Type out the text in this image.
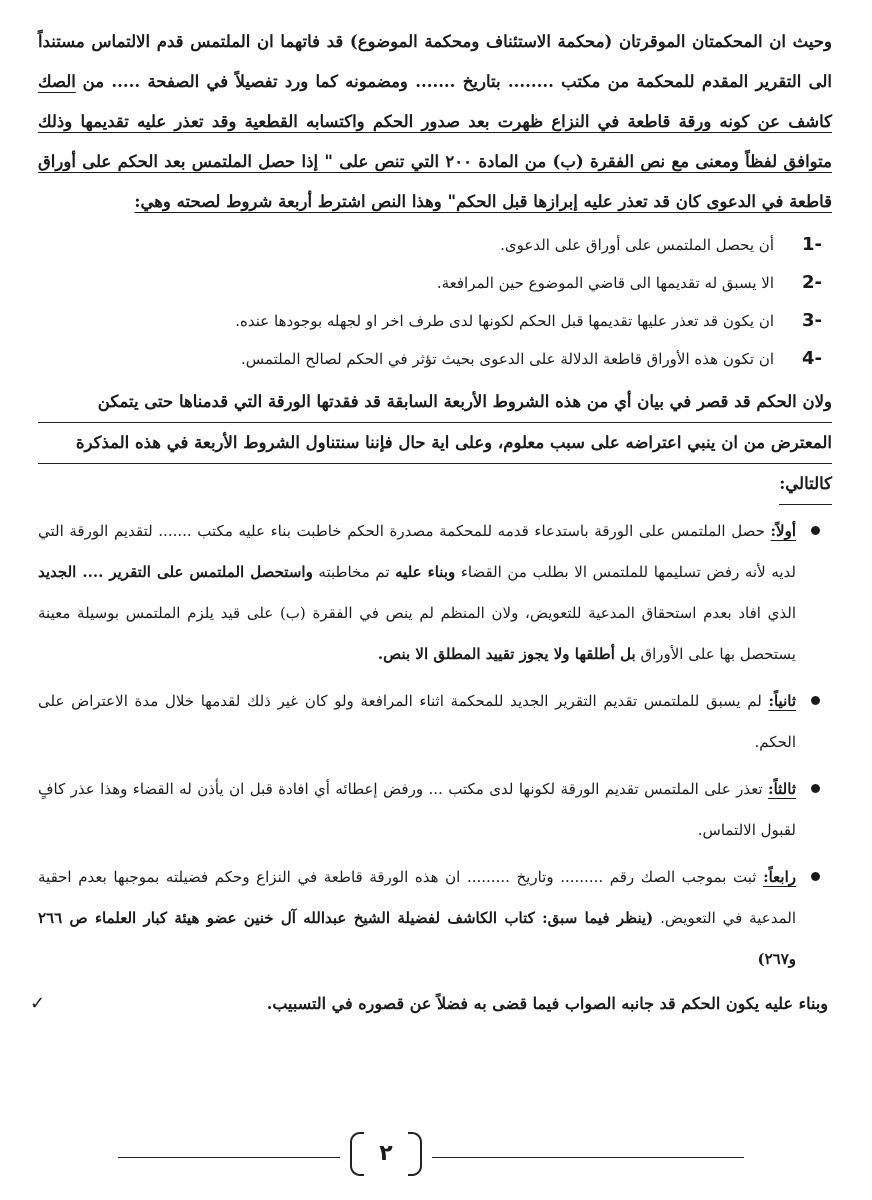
وحيث ان المحكمتان الموقرتان (محكمة الاستئناف ومحكمة الموضوع) قد فاتهما ان الملتمس قدم الالتماس مستنداً الى التقرير المقدم للمحكمة من مكتب ........ بتاريخ ....... ومضمونه كما ورد تفصيلاً في الصفحة ..... من الصك كاشف عن كونه ورقة قاطعة في النزاع ظهرت بعد صدور الحكم واكتسابه القطعية وقد تعذر عليه تقديمها وذلك متوافق لفظاً ومعنى مع نص الفقرة (ب) من المادة ٢٠٠ التي تنص على " إذا حصل الملتمس بعد الحكم على أوراق قاطعة في الدعوى كان قد تعذر عليه إبرازها قبل الحكم" وهذا النص اشترط أربعة شروط لصحته وهي:

1-
أن يحصل الملتمس على أوراق على الدعوى.
2-
الا يسبق له تقديمها الى قاضي الموضوع حين المرافعة.
3-
ان يكون قد تعذر عليها تقديمها قبل الحكم لكونها لدى طرف اخر او لجهله بوجودها عنده.
4-
ان تكون هذه الأوراق قاطعة الدلالة على الدعوى بحيث تؤثر في الحكم لصالح الملتمس.
ولان الحكم قد قصر في بيان أي من هذه الشروط الأربعة السابقة قد فقدتها الورقة التي قدمناها حتى يتمكن
المعترض من ان ينبي اعتراضه على سبب معلوم، وعلى اية حال فإننا سنتناول الشروط الأربعة في هذه المذكرة
كالتالي:
أولاً: حصل الملتمس على الورقة باستدعاء قدمه للمحكمة مصدرة الحكم خاطبت بناء عليه مكتب ....... لتقديم الورقة التي لديه لأنه رفض تسليمها للملتمس الا بطلب من القضاء وبناء عليه تم مخاطبته واستحصل الملتمس على التقرير .... الجديد الذي افاد بعدم استحقاق المدعية للتعويض، ولان المنظم لم ينص في الفقرة (ب) على قيد يلزم الملتمس بوسيلة معينة يستحصل بها على الأوراق بل أطلقها ولا يجوز تقييد المطلق الا بنص.
ثانياً: لم يسبق للملتمس تقديم التقرير الجديد للمحكمة اثناء المرافعة ولو كان غير ذلك لقدمها خلال مدة الاعتراض على الحكم.
ثالثاً: تعذر على الملتمس تقديم الورقة لكونها لدى مكتب ... ورفض إعطائه أي افادة قبل ان يأذن له القضاء وهذا عذر كافٍ لقبول الالتماس.
رابعاً: ثبت بموجب الصك رقم ......... وتاريخ ......... ان هذه الورقة قاطعة في النزاع وحكم فضيلته بموجبها بعدم احقية المدعية في التعويض. (ينظر فيما سبق: كتاب الكاشف لفضيلة الشيخ عبدالله آل خنين عضو هيئة كبار العلماء ص ٢٦٦ و٢٦٧)
✓	وبناء عليه يكون الحكم قد جانبه الصواب فيما قضى به فضلاً عن قصوره في التسبيب.
٢
